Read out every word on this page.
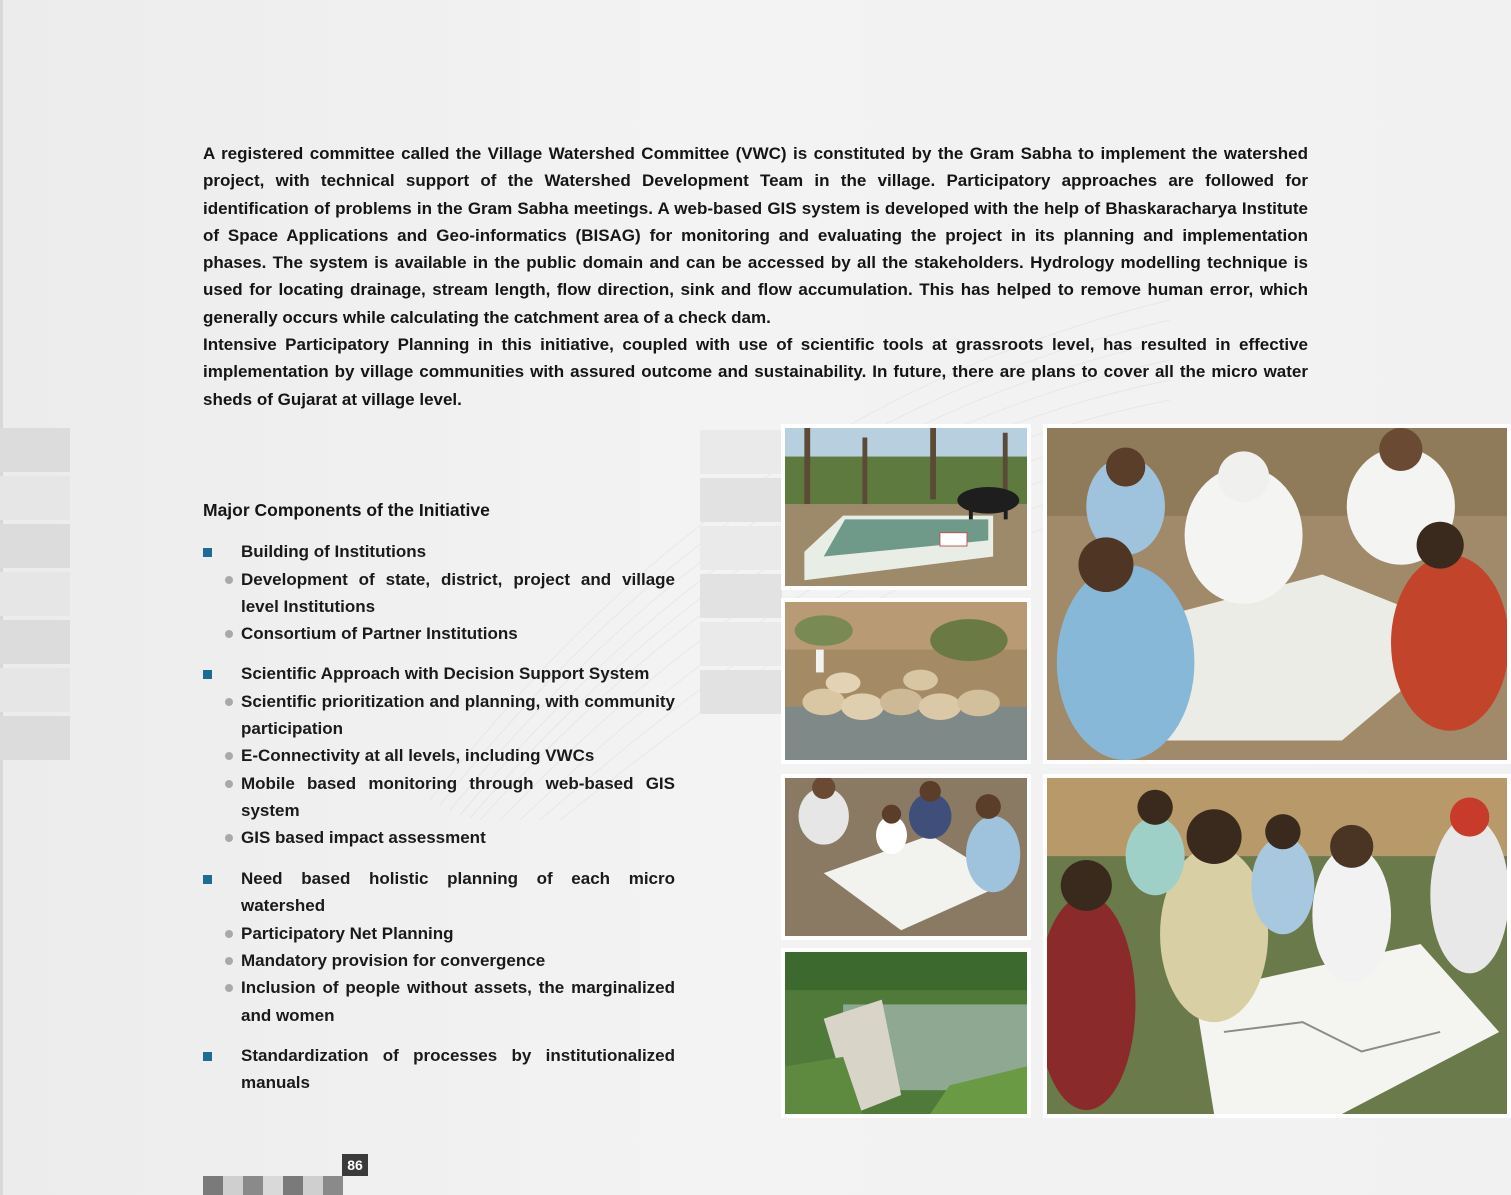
A registered committee called the Village Watershed Committee (VWC) is constituted by the Gram Sabha to implement the watershed project, with technical support of the Watershed Development Team in the village. Participatory approaches are followed for identification of problems in the Gram Sabha meetings. A web-based GIS system is developed with the help of Bhaskaracharya Institute of Space Applications and Geo-informatics (BISAG) for monitoring and evaluating the project in its planning and implementation phases. The system is available in the public domain and can be accessed by all the stakeholders. Hydrology modelling technique is used for locating drainage, stream length, flow direction, sink and flow accumulation. This has helped to remove human error, which generally occurs while calculating the catchment area of a check dam.

Intensive Participatory Planning in this initiative, coupled with use of scientific tools at grassroots level, has resulted in effective implementation by village communities with assured outcome and sustainability. In future, there are plans to cover all the micro water sheds of Gujarat at village level.

Major Components of the Initiative
Building of Institutions
Development of state, district, project and village level Institutions
Consortium of Partner Institutions
Scientific Approach with Decision Support System
Scientific prioritization and planning, with community participation
E-Connectivity at all levels, including VWCs
Mobile based monitoring through web-based GIS system
GIS based impact assessment
Need based holistic planning of each micro watershed
Participatory Net Planning
Mandatory provision for convergence
Inclusion of people without assets, the marginalized and women
Standardization of processes by institutionalized manuals
86
